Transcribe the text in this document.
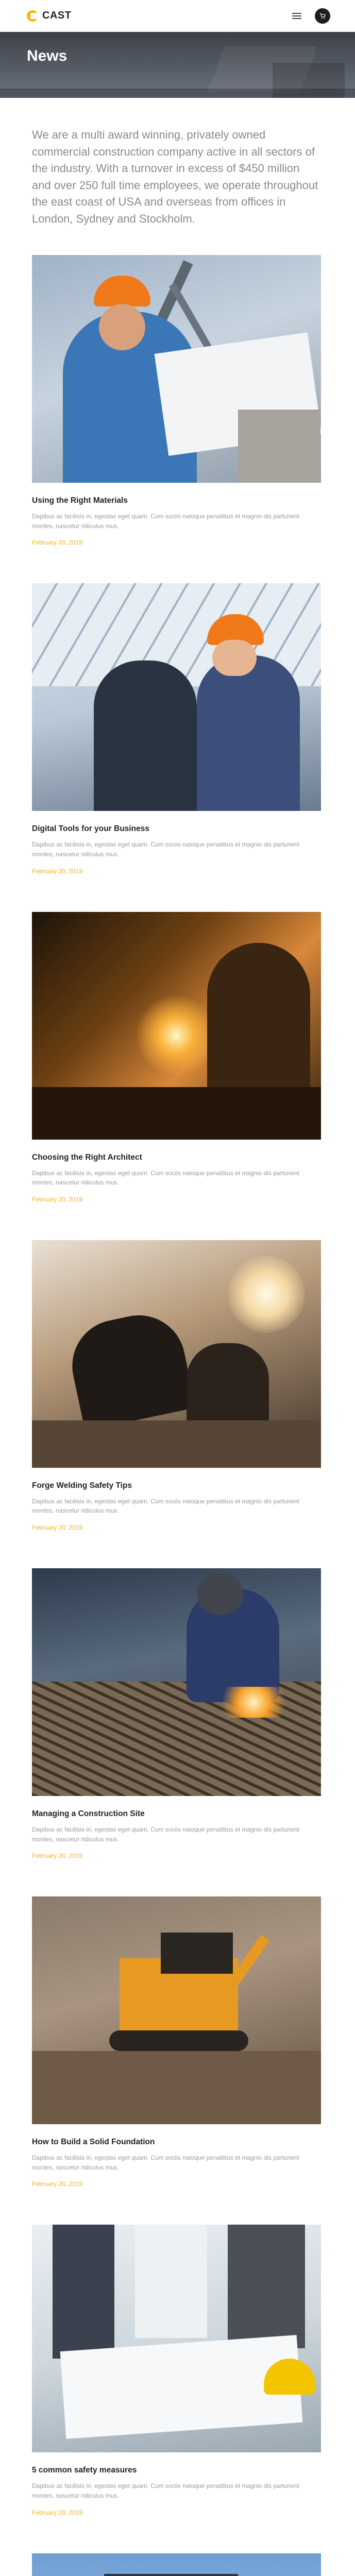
CAST
News

We are a multi award winning, privately owned commercial construction company active in all sectors of the industry. With a turnover in excess of $450 million and over 250 full time employees, we operate throughout the east coast of USA and overseas from offices in London, Sydney and Stockholm.

Using the Right Materials

Dapibus ac facilisis in, egestas eget quam. Cum sociis natoque penatibus et magnis dis parturient montes, nascetur ridiculus mus.

February 20, 2019
Digital Tools for your Business

Dapibus ac facilisis in, egestas eget quam. Cum sociis natoque penatibus et magnis dis parturient montes, nascetur ridiculus mus.

February 20, 2019
Choosing the Right Architect

Dapibus ac facilisis in, egestas eget quam. Cum sociis natoque penatibus et magnis dis parturient montes, nascetur ridiculus mus.

February 20, 2019
Forge Welding Safety Tips

Dapibus ac facilisis in, egestas eget quam. Cum sociis natoque penatibus et magnis dis parturient montes, nascetur ridiculus mus.

February 20, 2019
Managing a Construction Site

Dapibus ac facilisis in, egestas eget quam. Cum sociis natoque penatibus et magnis dis parturient montes, nascetur ridiculus mus.

February 20, 2019
How to Build a Solid Foundation

Dapibus ac facilisis in, egestas eget quam. Cum sociis natoque penatibus et magnis dis parturient montes, nascetur ridiculus mus.

February 20, 2019
5 common safety measures

Dapibus ac facilisis in, egestas eget quam. Cum sociis natoque penatibus et magnis dis parturient montes, nascetur ridiculus mus.

February 20, 2019
